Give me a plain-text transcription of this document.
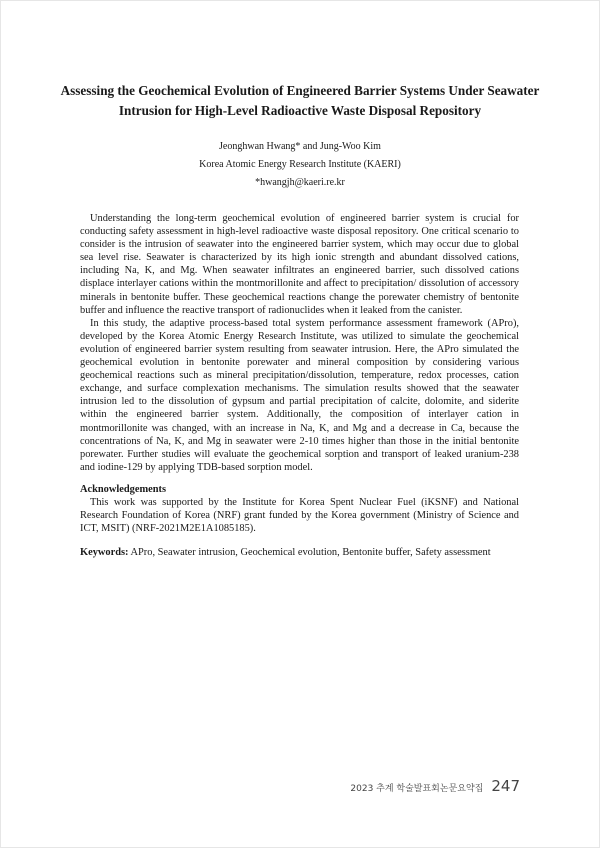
Assessing the Geochemical Evolution of Engineered Barrier Systems Under Seawater Intrusion for High-Level Radioactive Waste Disposal Repository
Jeonghwan Hwang* and Jung-Woo Kim
Korea Atomic Energy Research Institute (KAERI)
*hwangjh@kaeri.re.kr

Understanding the long-term geochemical evolution of engineered barrier system is crucial for conducting safety assessment in high-level radioactive waste disposal repository. One critical scenario to consider is the intrusion of seawater into the engineered barrier system, which may occur due to global sea level rise. Seawater is characterized by its high ionic strength and abundant dissolved cations, including Na, K, and Mg. When seawater infiltrates an engineered barrier, such dissolved cations displace interlayer cations within the montmorillonite and affect to precipitation/ dissolution of accessory minerals in bentonite buffer. These geochemical reactions change the porewater chemistry of bentonite buffer and influence the reactive transport of radionuclides when it leaked from the canister.

In this study, the adaptive process-based total system performance assessment framework (APro), developed by the Korea Atomic Energy Research Institute, was utilized to simulate the geochemical evolution of engineered barrier system resulting from seawater intrusion. Here, the APro simulated the geochemical evolution in bentonite porewater and mineral composition by considering various geochemical reactions such as mineral precipitation/dissolution, temperature, redox processes, cation exchange, and surface complexation mechanisms. The simulation results showed that the seawater intrusion led to the dissolution of gypsum and partial precipitation of calcite, dolomite, and siderite within the engineered barrier system. Additionally, the composition of interlayer cation in montmorillonite was changed, with an increase in Na, K, and Mg and a decrease in Ca, because the concentrations of Na, K, and Mg in seawater were 2-10 times higher than those in the initial bentonite porewater. Further studies will evaluate the geochemical sorption and transport of leaked uranium-238 and iodine-129 by applying TDB-based sorption model.

Acknowledgements

This work was supported by the Institute for Korea Spent Nuclear Fuel (iKSNF) and National Research Foundation of Korea (NRF) grant funded by the Korea government (Ministry of Science and ICT, MSIT) (NRF-2021M2E1A1085185).

Keywords: APro, Seawater intrusion, Geochemical evolution, Bentonite buffer, Safety assessment
2023 추계 학술발표회논문요약집 247
